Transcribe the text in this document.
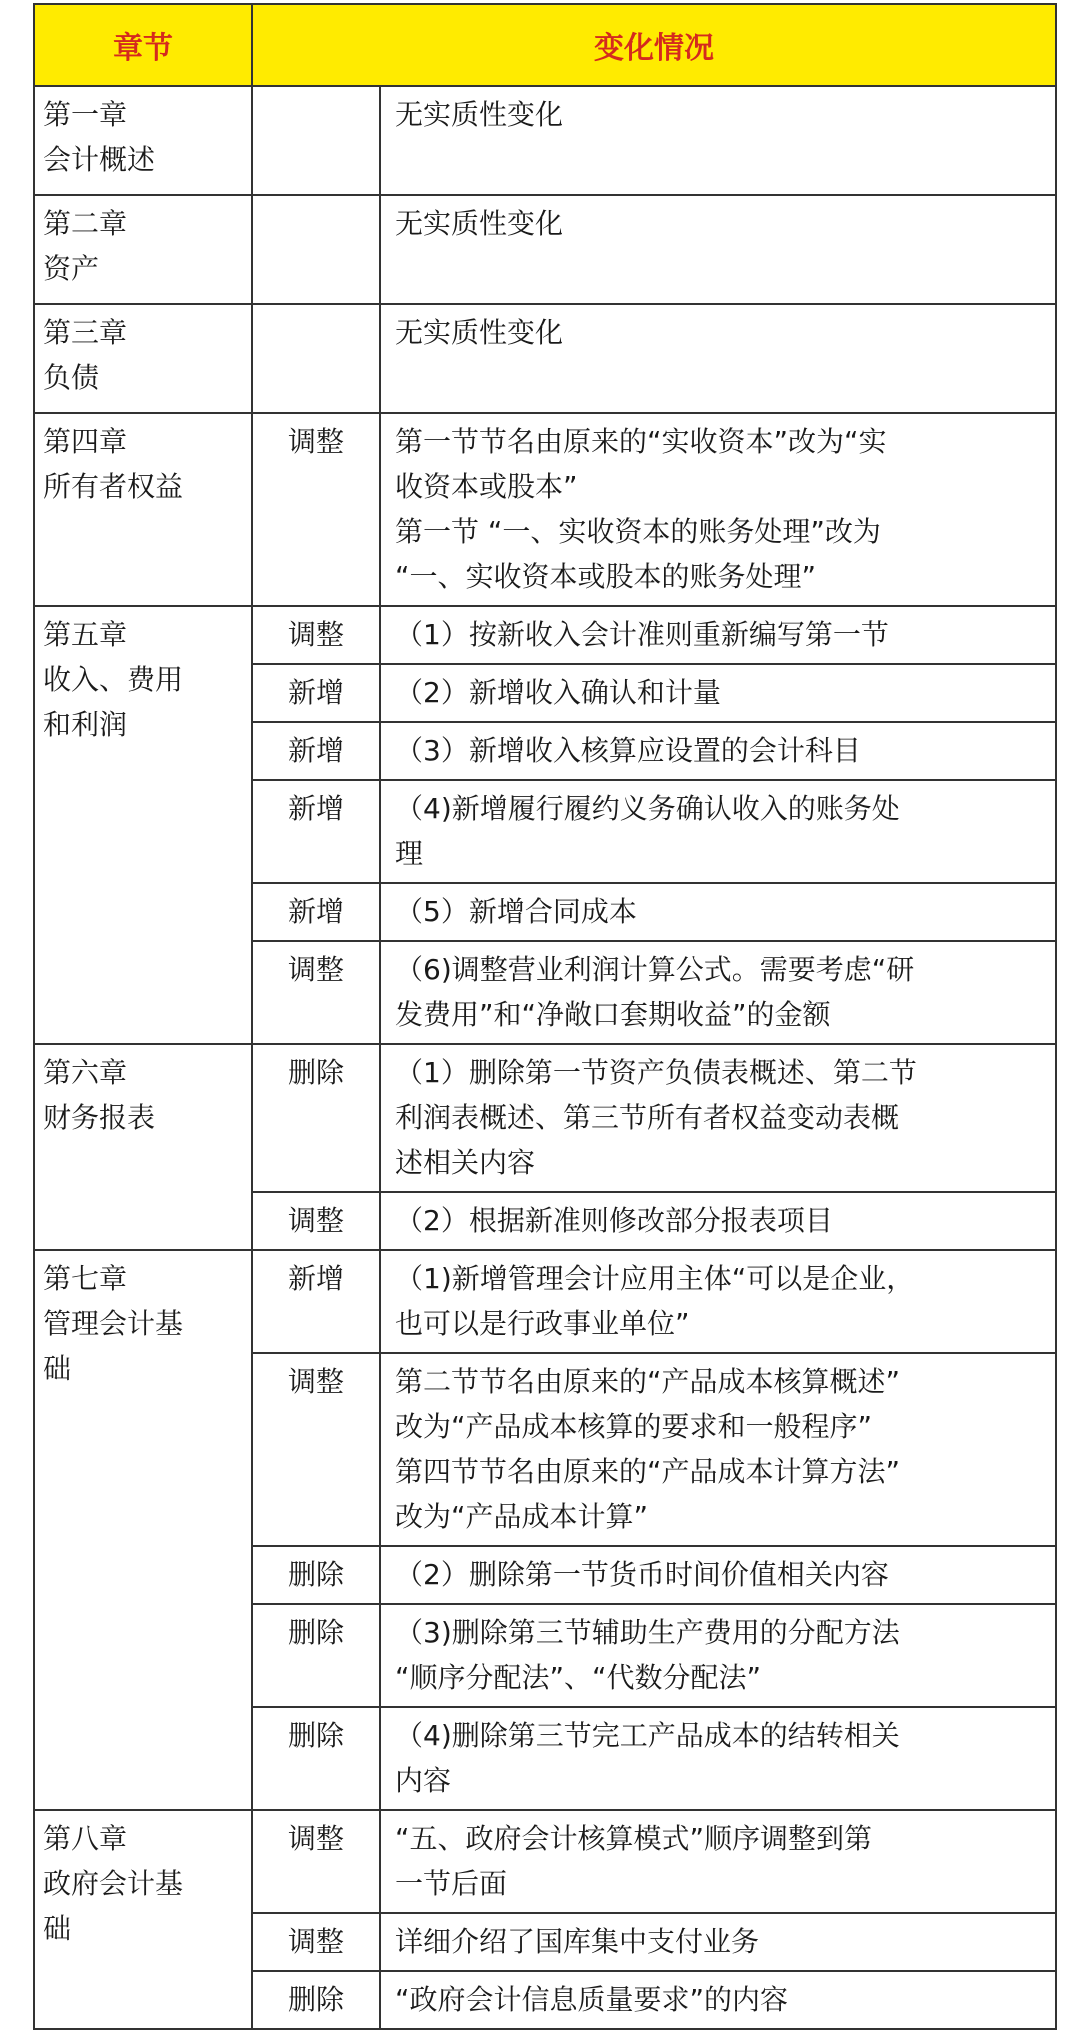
章节	变化情况	

第一章
会计概述		无实质性变化

第二章
资产		无实质性变化

第三章
负债		无实质性变化

第四章
所有者权益	调整	第一节节名由原来的“实收资本”改为“实
收资本或股本”
第一节 “一、实收资本的账务处理”改为
“一、实收资本或股本的账务处理”

第五章
收入、费用
和利润	调整	（1）按新收入会计准则重新编写第一节

	新增	（2）新增收入确认和计量

	新增	（3）新增收入核算应设置的会计科目

	新增	（4)新增履行履约义务确认收入的账务处
理

	新增	（5）新增合同成本

	调整	（6)调整营业利润计算公式。需要考虑“研
发费用”和“净敞口套期收益”的金额

第六章
财务报表	删除	（1）删除第一节资产负债表概述、第二节
利润表概述、第三节所有者权益变动表概
述相关内容

	调整	（2）根据新准则修改部分报表项目

第七章
管理会计基
础	新增	（1)新增管理会计应用主体“可以是企业，
也可以是行政事业单位”

	调整	第二节节名由原来的“产品成本核算概述”
改为“产品成本核算的要求和一般程序”
第四节节名由原来的“产品成本计算方法”
改为“产品成本计算”

	删除	（2）删除第一节货币时间价值相关内容

	删除	（3)删除第三节辅助生产费用的分配方法
“顺序分配法”、“代数分配法”

	删除	（4)删除第三节完工产品成本的结转相关
内容

第八章
政府会计基
础	调整	“五、政府会计核算模式”顺序调整到第
一节后面

	调整	详细介绍了国库集中支付业务

	删除	“政府会计信息质量要求”的内容
